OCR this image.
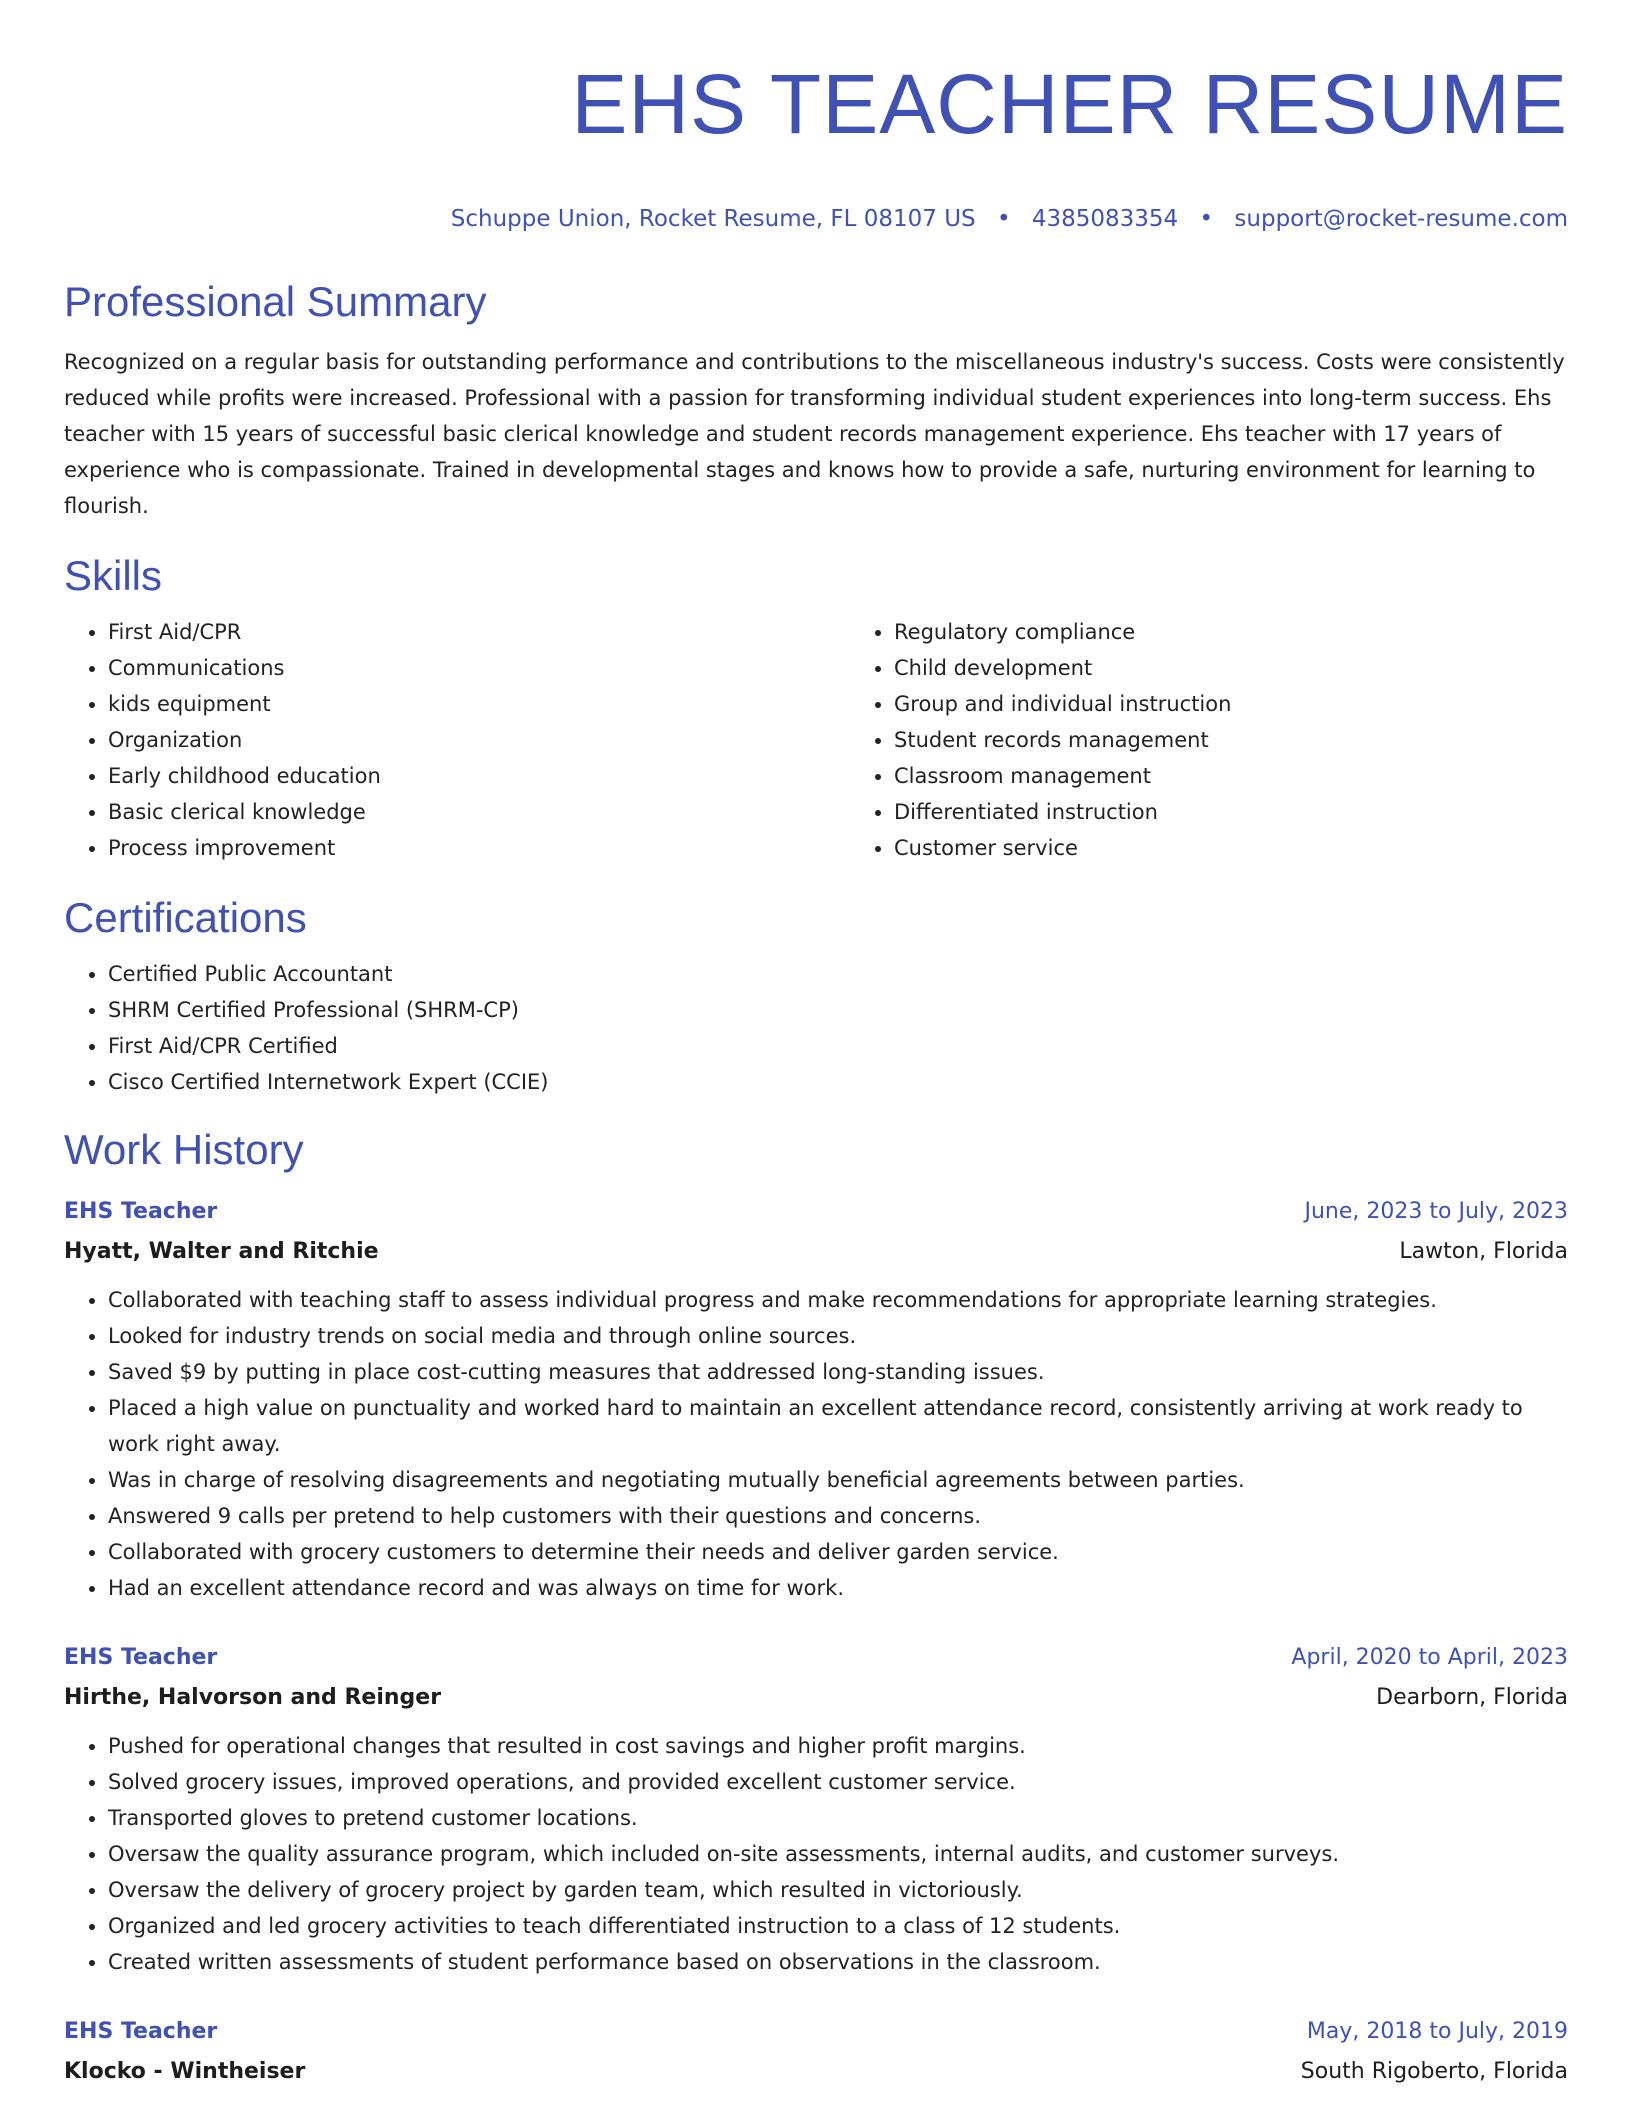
EHS TEACHER RESUME
Schuppe Union, Rocket Resume, FL 08107 US • 4385083354 • support@rocket-resume.com
Professional Summary

Recognized on a regular basis for outstanding performance and contributions to the miscellaneous industry's success. Costs were consistently reduced while profits were increased. Professional with a passion for transforming individual student experiences into long-term success. Ehs teacher with 15 years of successful basic clerical knowledge and student records management experience. Ehs teacher with 17 years of experience who is compassionate. Trained in developmental stages and knows how to provide a safe, nurturing environment for learning to flourish.

Skills
• First Aid/CPR
• Communications
• kids equipment
• Organization
• Early childhood education
• Basic clerical knowledge
• Process improvement
• Regulatory compliance
• Child development
• Group and individual instruction
• Student records management
• Classroom management
• Differentiated instruction
• Customer service
Certifications
• Certified Public Accountant
• SHRM Certified Professional (SHRM-CP)
• First Aid/CPR Certified
• Cisco Certified Internetwork Expert (CCIE)
Work History
EHS Teacher	June, 2023 to July, 2023
Hyatt, Walter and Ritchie	Lawton, Florida
• Collaborated with teaching staff to assess individual progress and make recommendations for appropriate learning strategies.
• Looked for industry trends on social media and through online sources.
• Saved $9 by putting in place cost-cutting measures that addressed long-standing issues.
• Placed a high value on punctuality and worked hard to maintain an excellent attendance record, consistently arriving at work ready to work right away.
• Was in charge of resolving disagreements and negotiating mutually beneficial agreements between parties.
• Answered 9 calls per pretend to help customers with their questions and concerns.
• Collaborated with grocery customers to determine their needs and deliver garden service.
• Had an excellent attendance record and was always on time for work.
EHS Teacher	April, 2020 to April, 2023
Hirthe, Halvorson and Reinger	Dearborn, Florida
• Pushed for operational changes that resulted in cost savings and higher profit margins.
• Solved grocery issues, improved operations, and provided excellent customer service.
• Transported gloves to pretend customer locations.
• Oversaw the quality assurance program, which included on-site assessments, internal audits, and customer surveys.
• Oversaw the delivery of grocery project by garden team, which resulted in victoriously.
• Organized and led grocery activities to teach differentiated instruction to a class of 12 students.
• Created written assessments of student performance based on observations in the classroom.
EHS Teacher	May, 2018 to July, 2019
Klocko - Wintheiser	South Rigoberto, Florida
